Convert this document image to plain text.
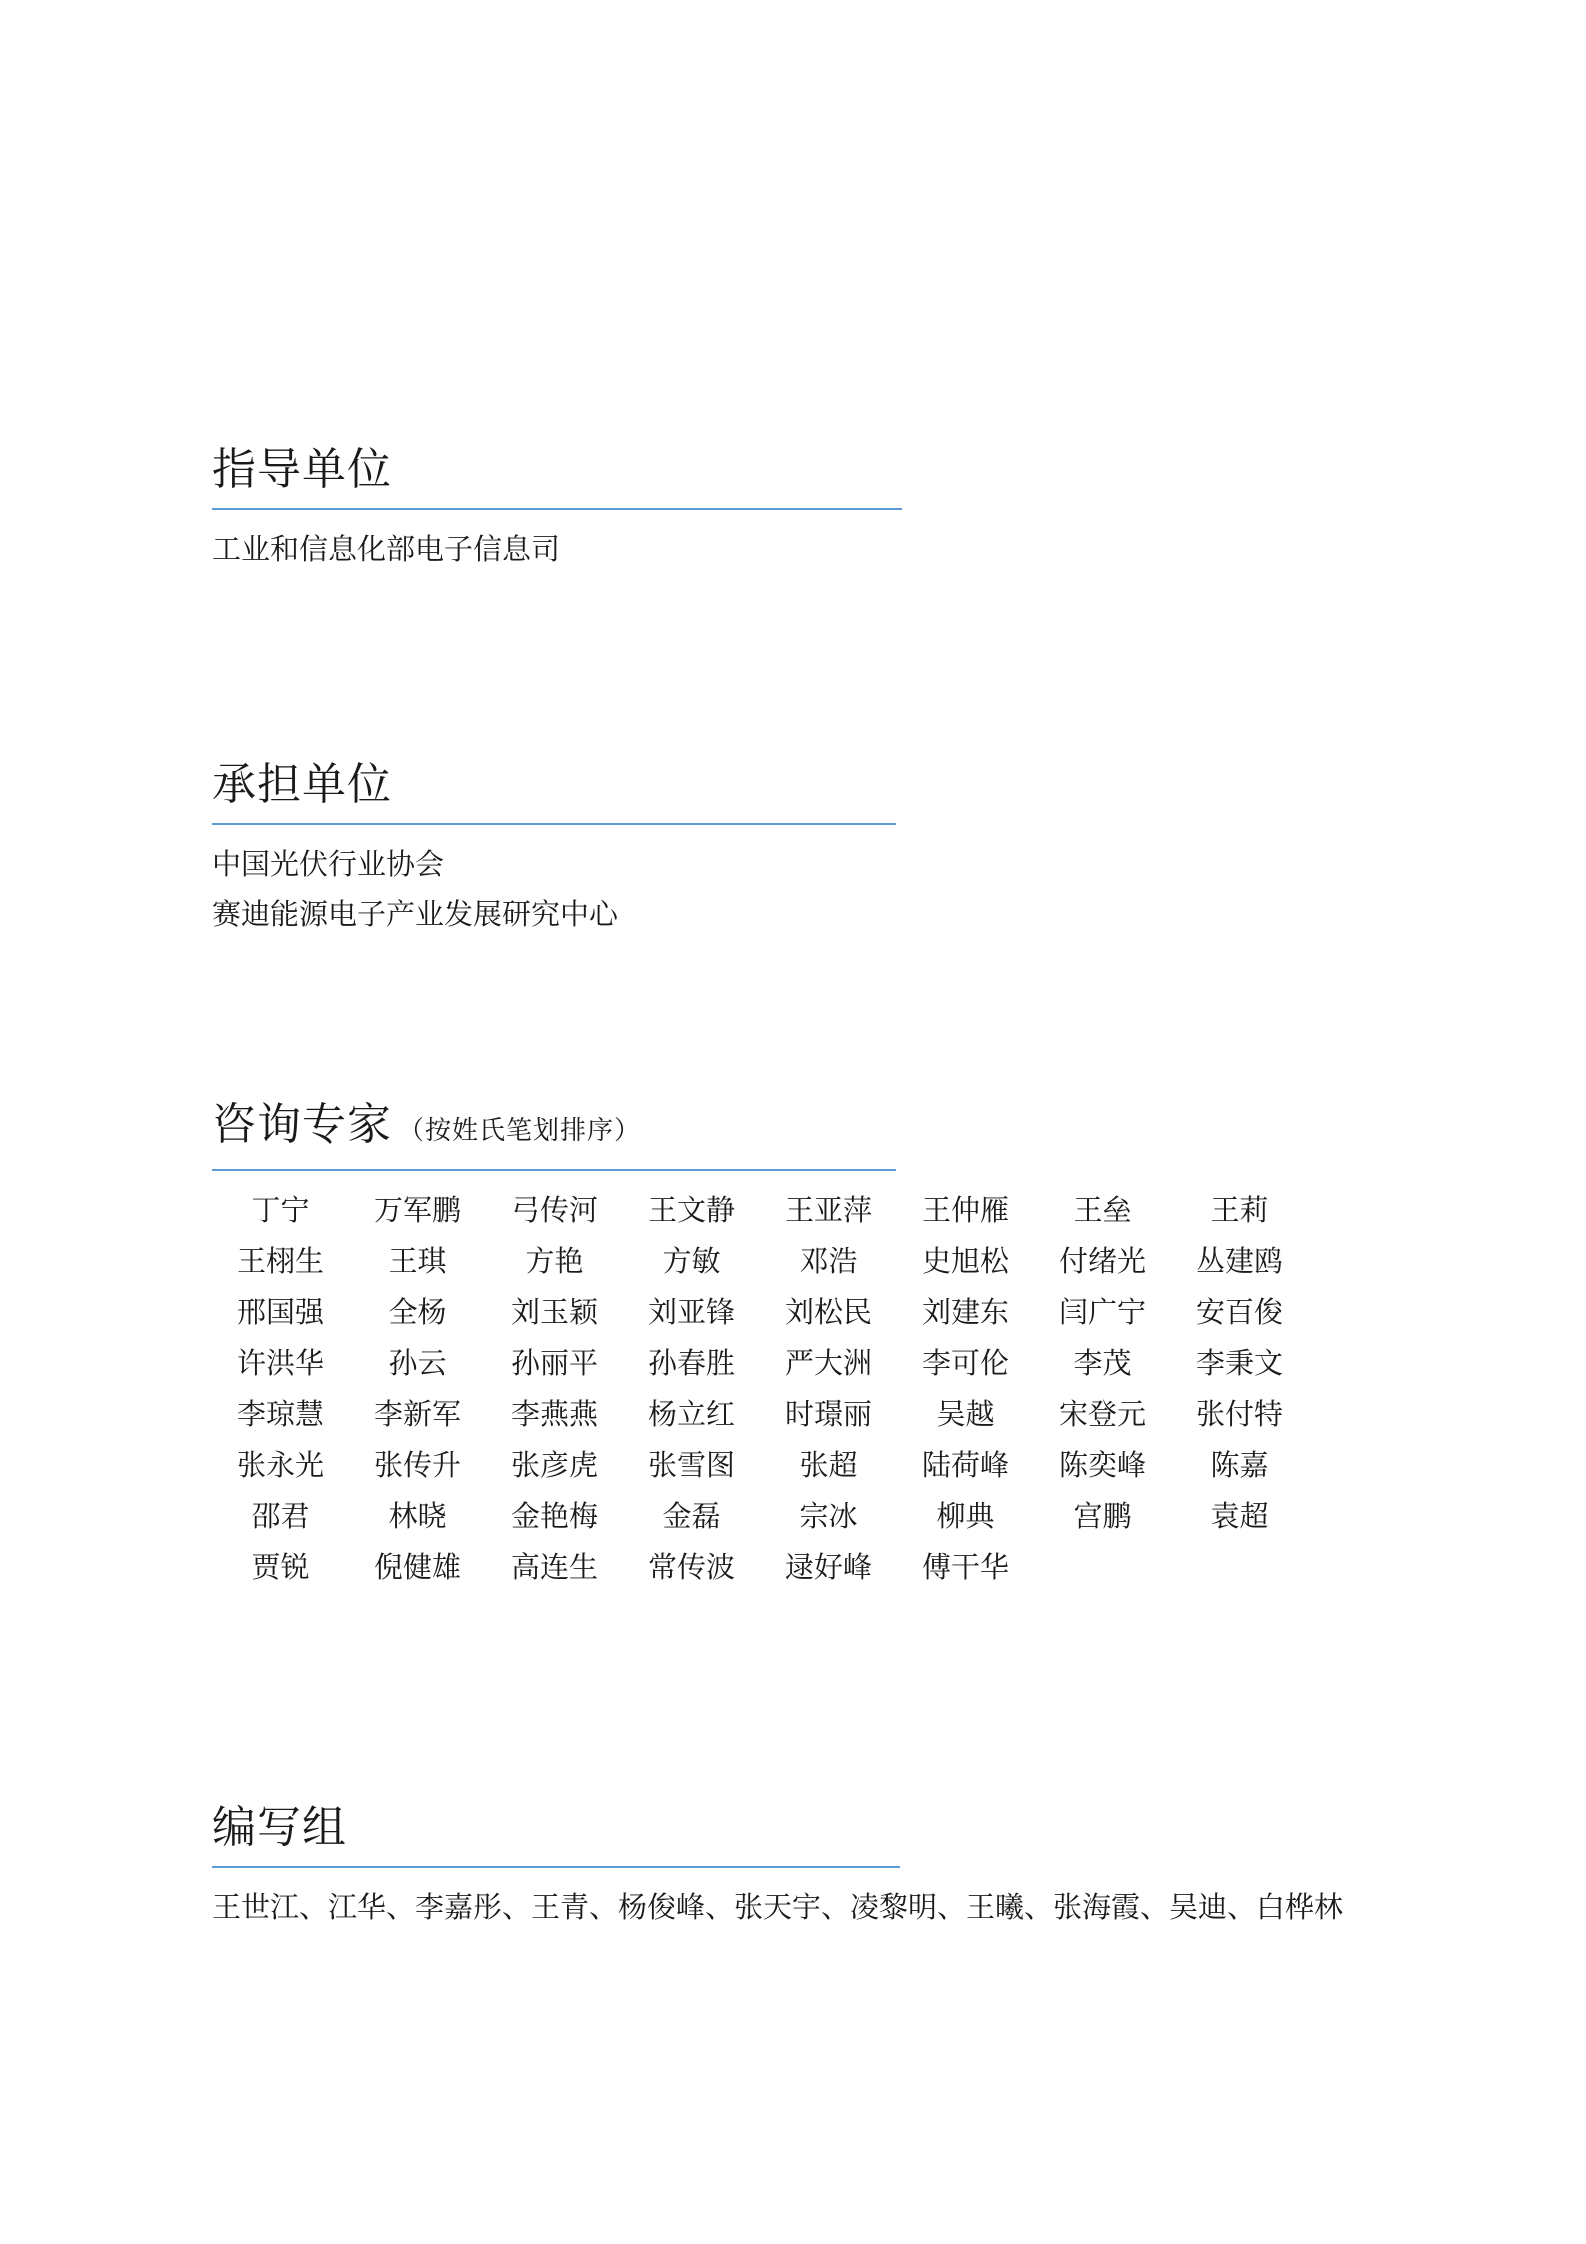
指导单位
工业和信息化部电子信息司
承担单位
中国光伏行业协会
赛迪能源电子产业发展研究中心
咨询专家 （按姓氏笔划排序）
丁宁	万军鹏	弓传河	王文静	王亚萍	王仲雁	王垒	王莉
王栩生	王琪	方艳	方敏	邓浩	史旭松	付绪光	丛建鸥
邢国强	全杨	刘玉颖	刘亚锋	刘松民	刘建东	闫广宁	安百俊
许洪华	孙云	孙丽平	孙春胜	严大洲	李可伦	李茂	李秉文
李琼慧	李新军	李燕燕	杨立红	时璟丽	吴越	宋登元	张付特
张永光	张传升	张彦虎	张雪图	张超	陆荷峰	陈奕峰	陈嘉
邵君	林晓	金艳梅	金磊	宗冰	柳典	宫鹏	袁超
贾锐	倪健雄	高连生	常传波	逯好峰	傅干华
编写组
王世江、江华、李嘉彤、王青、杨俊峰、张天宇、凌黎明、王曦、张海霞、吴迪、白桦林
